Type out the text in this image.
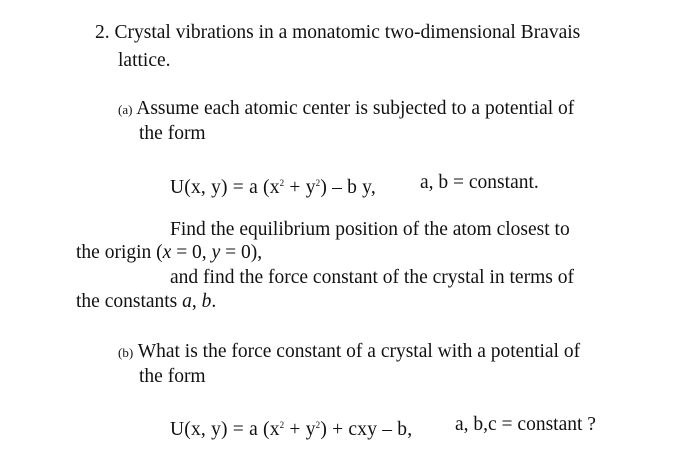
2. Crystal vibrations in a monatomic two-dimensional Bravais
lattice.
(a) Assume each atomic center is subjected to a potential of
the form
U(x, y) = a $(x^2 + y^2) - b$ y, a, b = constant.
Find the equilibrium position of the atom closest to
the origin (x = 0, y = 0),
and find the force constant of the crystal in terms of
the constants a, b.
(b) What is the force constant of a crystal with a potential of
the form
U(x, y) = a $(x^2 + y^2)$ + cxy – b, a, b,c = constant ?
